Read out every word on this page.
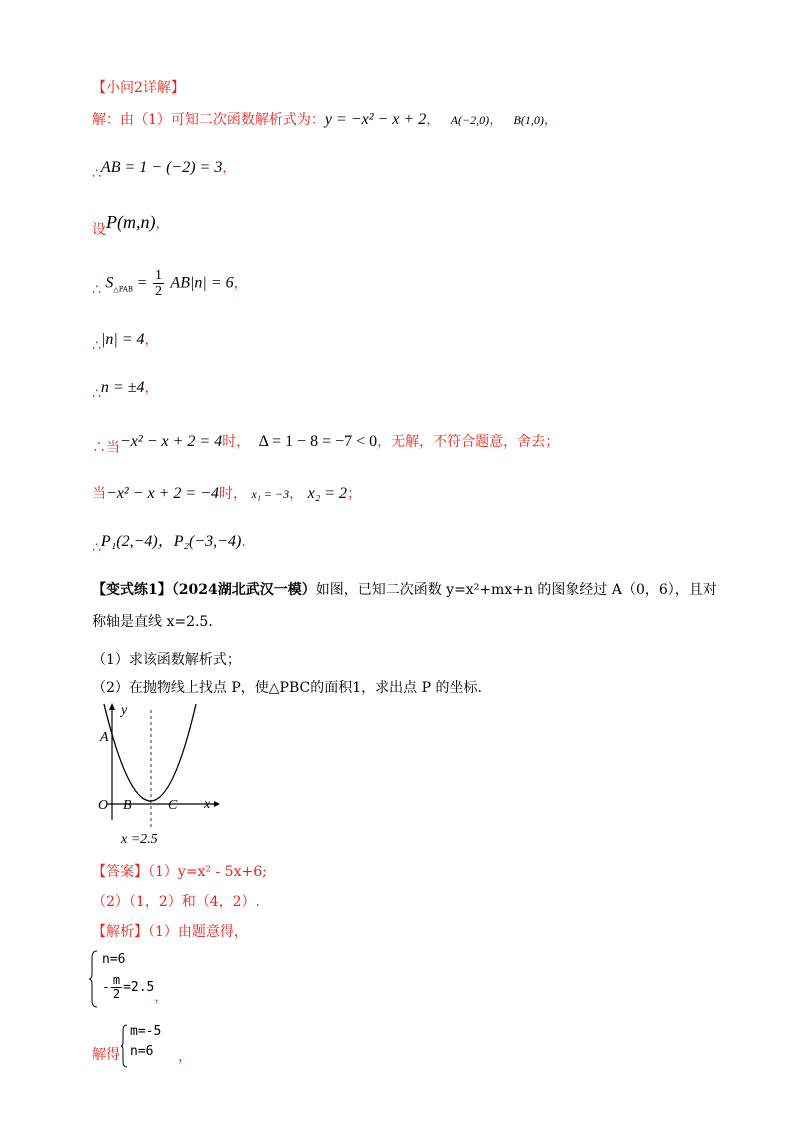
【小问2详解】
解：由（1）可知二次函数解析式为：y = −x² − x + 2， A(−2,0)， B(1,0)，
∴AB = 1 − (−2) = 3，
设P(m,n)，
∴ $S_{\triangle PAB} = \frac{1}{2} AB|n| = 6$，
∴|n| = 4，
∴n = ±4，
∴当−x² − x + 2 = 4时， Δ = 1 − 8 = −7 < 0，无解，不符合题意，舍去；
当−x² − x + 2 = −4时， x₁ = −3， x₂ = 2；
∴P₁(2,−4)，P₂(−3,−4).
【变式练1】（2024湖北武汉一模）如图，已知二次函数 y=x²+mx+n 的图象经过 A（0，6），且对
称轴是直线 x=2.5.
（1）求该函数解析式；
（2）在抛物线上找点 P，使△PBC的面积1，求出点 P 的坐标.
y
x
A
O B	C
x =2.5
【答案】（1）y=x² - 5x+6;
（2）（1，2）和（4，2）.
【解析】（1）由题意得，
n=6
- $\frac{m}{2} =2.5$
，
解得
m=-5
n=6 ，
